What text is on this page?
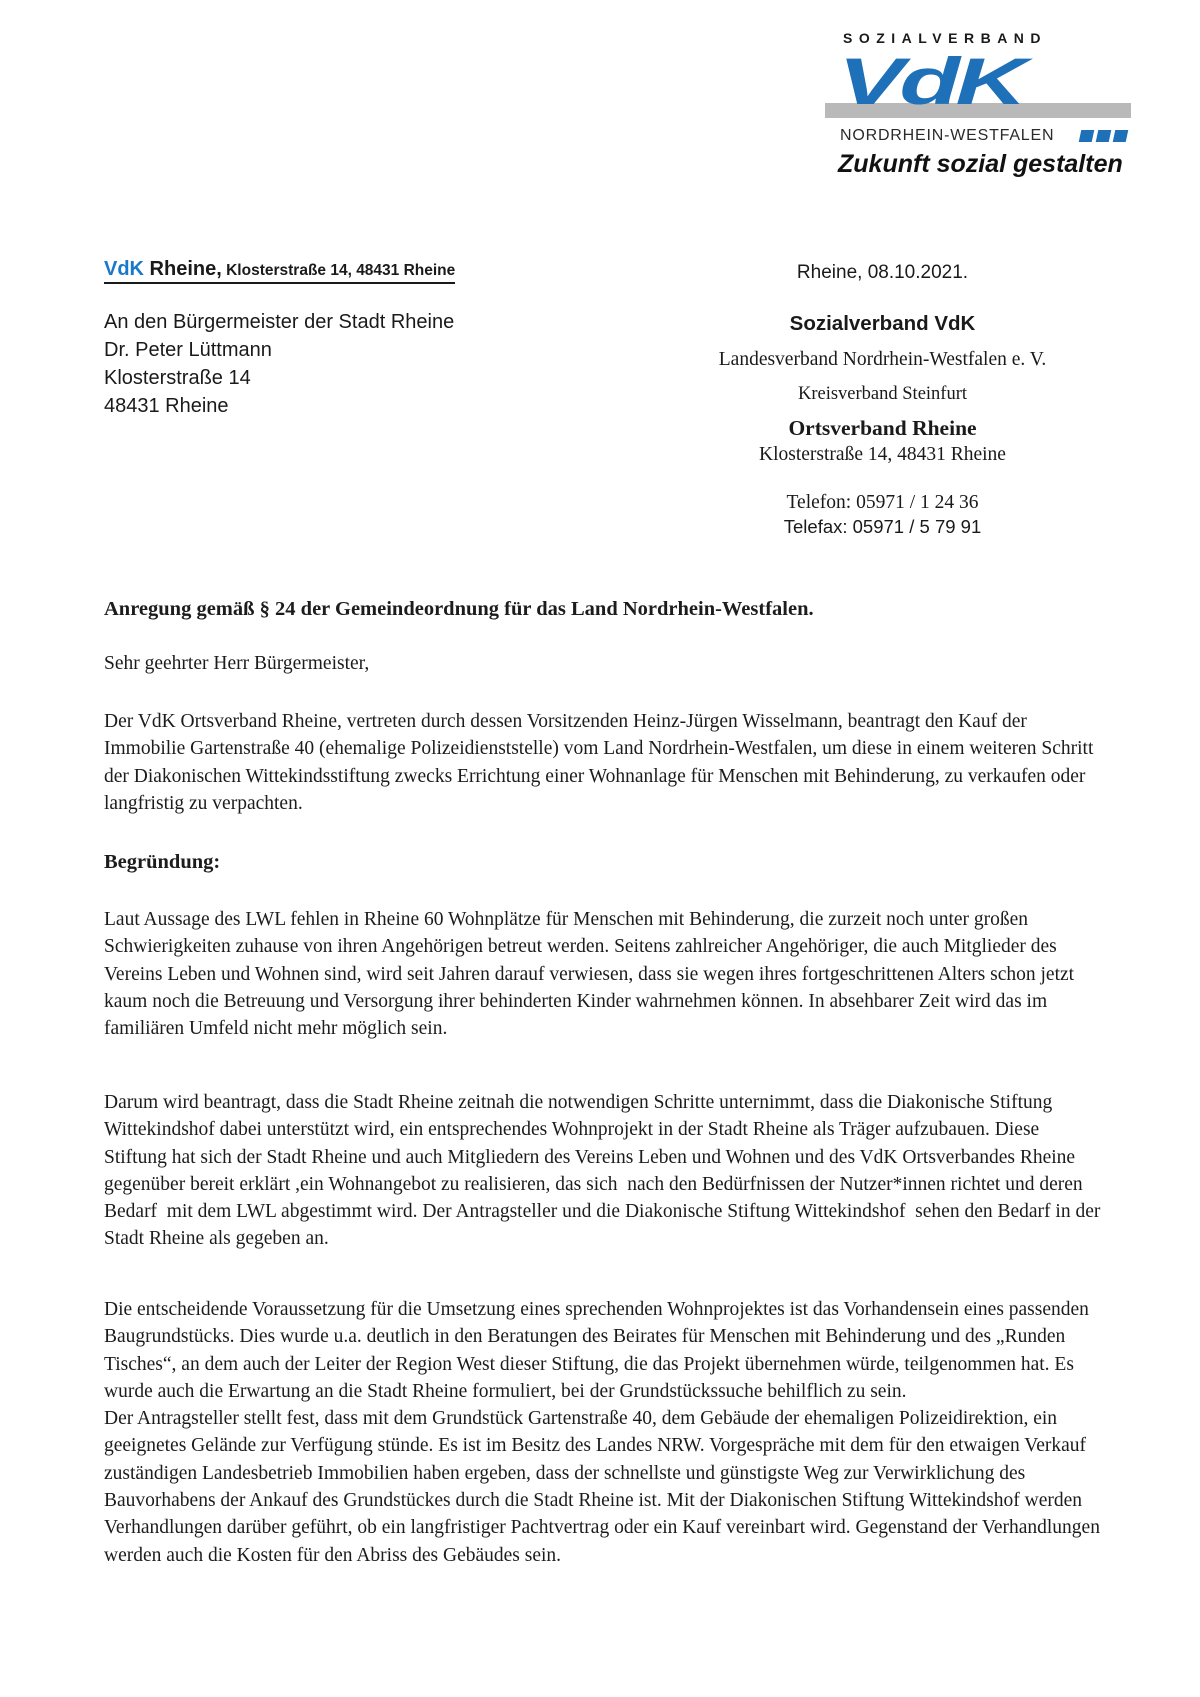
SOZIALVERBAND
VdK
NORDRHEIN-WESTFALEN
Zukunft sozial gestalten
VdK Rheine, Klosterstraße 14, 48431 Rheine
An den Bürgermeister der Stadt Rheine
Dr. Peter Lüttmann
Klosterstraße 14
48431 Rheine
Rheine, 08.10.2021.
Sozialverband VdK
Landesverband Nordrhein-Westfalen e. V.
Kreisverband Steinfurt
Ortsverband Rheine
Klosterstraße 14, 48431 Rheine
Telefon: 05971 / 1 24 36
Telefax: 05971 / 5 79 91
Anregung gemäß § 24 der Gemeindeordnung für das Land Nordrhein-Westfalen.
Sehr geehrter Herr Bürgermeister,
Der VdK Ortsverband Rheine, vertreten durch dessen Vorsitzenden Heinz-Jürgen Wisselmann, beantragt den Kauf der Immobilie Gartenstraße 40 (ehemalige Polizeidienststelle) vom Land Nordrhein-Westfalen, um diese in einem weiteren Schritt der Diakonischen Wittekindsstiftung zwecks Errichtung einer Wohnanlage für Menschen mit Behinderung, zu verkaufen oder langfristig zu verpachten.
Begründung:
Laut Aussage des LWL fehlen in Rheine 60 Wohnplätze für Menschen mit Behinderung, die zurzeit noch unter großen Schwierigkeiten zuhause von ihren Angehörigen betreut werden. Seitens zahlreicher Angehöriger, die auch Mitglieder des Vereins Leben und Wohnen sind, wird seit Jahren darauf verwiesen, dass sie wegen ihres fortgeschrittenen Alters schon jetzt kaum noch die Betreuung und Versorgung ihrer behinderten Kinder wahrnehmen können. In absehbarer Zeit wird das im familiären Umfeld nicht mehr möglich sein.
Darum wird beantragt, dass die Stadt Rheine zeitnah die notwendigen Schritte unternimmt, dass die Diakonische Stiftung Wittekindshof dabei unterstützt wird, ein entsprechendes Wohnprojekt in der Stadt Rheine als Träger aufzubauen. Diese Stiftung hat sich der Stadt Rheine und auch Mitgliedern des Vereins Leben und Wohnen und des VdK Ortsverbandes Rheine gegenüber bereit erklärt ,ein Wohnangebot zu realisieren, das sich  nach den Bedürfnissen der Nutzer*innen richtet und deren Bedarf  mit dem LWL abgestimmt wird. Der Antragsteller und die Diakonische Stiftung Wittekindshof  sehen den Bedarf in der Stadt Rheine als gegeben an.
Die entscheidende Voraussetzung für die Umsetzung eines sprechenden Wohnprojektes ist das Vorhandensein eines passenden Baugrundstücks. Dies wurde u.a. deutlich in den Beratungen des Beirates für Menschen mit Behinderung und des „Runden Tisches“, an dem auch der Leiter der Region West dieser Stiftung, die das Projekt übernehmen würde, teilgenommen hat. Es wurde auch die Erwartung an die Stadt Rheine formuliert, bei der Grundstückssuche behilflich zu sein.
Der Antragsteller stellt fest, dass mit dem Grundstück Gartenstraße 40, dem Gebäude der ehemaligen Polizeidirektion, ein geeignetes Gelände zur Verfügung stünde. Es ist im Besitz des Landes NRW. Vorgespräche mit dem für den etwaigen Verkauf zuständigen Landesbetrieb Immobilien haben ergeben, dass der schnellste und günstigste Weg zur Verwirklichung des Bauvorhabens der Ankauf des Grundstückes durch die Stadt Rheine ist. Mit der Diakonischen Stiftung Wittekindshof werden Verhandlungen darüber geführt, ob ein langfristiger Pachtvertrag oder ein Kauf vereinbart wird. Gegenstand der Verhandlungen werden auch die Kosten für den Abriss des Gebäudes sein.
